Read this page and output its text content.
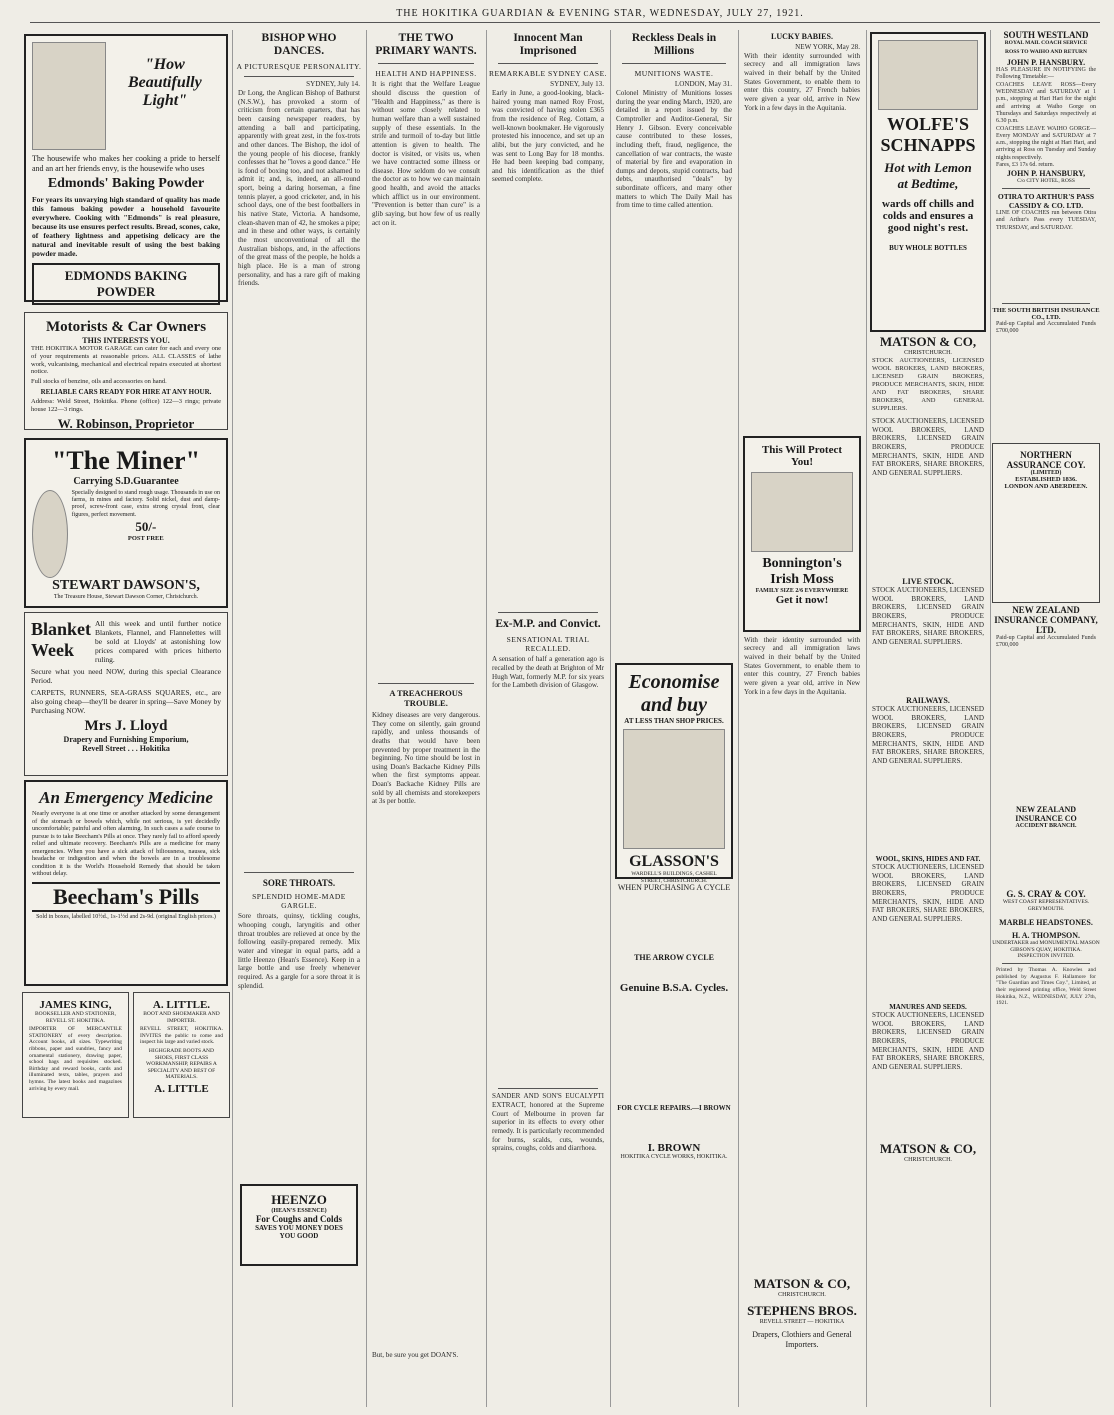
THE HOKITIKA GUARDIAN & EVENING STAR, WEDNESDAY, JULY 27, 1921.
"How Beautifully Light"
The housewife who makes her cooking a pride to herself and an art her friends envy, is the housewife who uses
Edmonds' Baking Powder
For years its unvarying high standard of quality has made this famous baking powder a household favourite everywhere. Cooking with "Edmonds" is real pleasure, because its use ensures perfect results. Bread, scones, cake, of feathery lightness and appetising delicacy are the natural and inevitable result of using the best baking powder made.
EDMONDS BAKING POWDER
Motorists & Car Owners
THIS INTERESTS YOU.
THE HOKITIKA MOTOR GARAGE can cater for each and every one of your requirements at reasonable prices. ALL CLASSES of lathe work, vulcanising, mechanical and electrical repairs executed at shortest notice.
Full stocks of benzine, oils and accessories on hand.
RELIABLE CARS READY FOR HIRE AT ANY HOUR.
Address: Weld Street, Hokitika. Phone (office) 122—3 rings; private house 122—3 rings.
W. Robinson, Proprietor
"The Miner"
Carrying S.D.Guarantee
Specially designed to stand rough usage. Thousands in use on farms, in mines and factory. Solid nickel, dust and damp-proof, screw-front case, extra strong crystal front, clear figures, perfect movement.
50/-
POST FREE
STEWART DAWSON'S,
The Treasure House, Stewart Dawson Corner, Christchurch.
Blanket Week
All this week and until further notice Blankets, Flannel, and Flannelettes will be sold at Lloyds' at astonishing low prices compared with prices hitherto ruling.
Secure what you need NOW, during this special Clearance Period.
CARPETS, RUNNERS, SEA-GRASS SQUARES, etc., are also going cheap—they'll be dearer in spring—Save Money by Purchasing NOW.
Mrs J. Lloyd
Drapery and Furnishing Emporium,
Revell Street . . . Hokitika
An Emergency Medicine
Nearly everyone is at one time or another attacked by some derangement of the stomach or bowels which, while not serious, is yet decidedly uncomfortable; painful and often alarming. In such cases a safe course to pursue is to take Beecham's Pills at once. They rarely fail to afford speedy relief and ultimate recovery. Beecham's Pills are a medicine for many emergencies. When you have a sick attack of biliousness, nausea, sick headache or indigestion and when the bowels are in a troublesome condition it is the World's Household Remedy that should be taken without delay.
Beecham's Pills
Sold in boxes, labelled 10½d., 1s-1½d and 2s-9d. (original English prices.)
JAMES KING,
BOOKSELLER AND STATIONER, REVELL ST. HOKITIKA.
IMPORTER OF MERCANTILE STATIONERY of every description. Account books, all sizes. Typewriting ribbons, paper and sundries, fancy and ornamental stationery, drawing paper, school bags and requisites stocked. Birthday and reward books, cards and illuminated texts, tables, prayers and hymns. The latest books and magazines arriving by every mail.
A. LITTLE.
BOOT AND SHOEMAKER AND IMPORTER.
REVELL STREET, HOKITIKA. INVITES the public to come and inspect his large and varied stock.
HIGHGRADE BOOTS AND SHOES, FIRST CLASS WORKMANSHIP, REPAIRS A SPECIALITY AND BEST OF MATERIALS.
A. LITTLE
BISHOP WHO DANCES.
A PICTURESQUE PERSONALITY.
SYDNEY, July 14.
Dr Long, the Anglican Bishop of Bathurst (N.S.W.), has provoked a storm of criticism from certain quarters, that has been causing newspaper readers, by attending a ball and participating, apparently with great zest, in the fox-trots and other dances. The Bishop, the idol of the young people of his diocese, frankly confesses that he "loves a good dance." He is fond of boxing too, and not ashamed to admit it; and, is, indeed, an all-round sport, being a daring horseman, a fine tennis player, a good cricketer, and, in his school days, one of the best footballers in his native State, Victoria. A handsome, clean-shaven man of 42, he smokes a pipe; and in these and other ways, is certainly the most unconventional of all the Australian bishops, and, in the affections of the great mass of the people, he holds a high place. He is a man of strong personality, and has a rare gift of making friends.
SORE THROATS.
SPLENDID HOME-MADE GARGLE.
Sore throats, quinsy, tickling coughs, whooping cough, laryngitis and other throat troubles are relieved at once by the following easily-prepared remedy. Mix water and vinegar in equal parts, add a little Heenzo (Hean's Essence). Keep in a large bottle and use freely whenever required. As a gargle for a sore throat it is splendid.
HEENZO
(HEAN'S ESSENCE)
For Coughs and Colds
SAVES YOU MONEY DOES YOU GOOD
THE TWO PRIMARY WANTS.
HEALTH AND HAPPINESS.
It is right that the Welfare League should discuss the question of "Health and Happiness," as there is without some closely related to human welfare than a well sustained supply of these essentials. In the strife and turmoil of to-day but little attention is given to health. The doctor is visited, or visits us, when we have contracted some illness or disease. How seldom do we consult the doctor as to how we can maintain good health, and avoid the attacks which afflict us in our environment. "Prevention is better than cure" is a glib saying, but how few of us really act on it.
A TREACHEROUS TROUBLE.
Kidney diseases are very dangerous. They come on silently, gain ground rapidly, and unless thousands of deaths that would have been prevented by proper treatment in the beginning. No time should be lost in using Doan's Backache Kidney Pills when the first symptoms appear. Doan's Backache Kidney Pills are sold by all chemists and storekeepers at 3s per bottle.
But, be sure you get DOAN'S.
Innocent Man Imprisoned
REMARKABLE SYDNEY CASE.
SYDNEY, July 13.
Early in June, a good-looking, black-haired young man named Roy Frost, was convicted of having stolen £365 from the residence of Reg. Cottam, a well-known bookmaker. He vigorously protested his innocence, and set up an alibi, but the jury convicted, and he was sent to Long Bay for 18 months. He had been keeping bad company, and his identification as the thief seemed complete.
Ex-M.P. and Convict.
SENSATIONAL TRIAL RECALLED.
A sensation of half a generation ago is recalled by the death at Brighton of Mr Hugh Watt, formerly M.P. for six years for the Lambeth division of Glasgow.
SANDER AND SON'S EUCALYPTI EXTRACT, honored at the Supreme Court of Melbourne in proven far superior in its effects to every other remedy. It is particularly recommended for burns, scalds, cuts, wounds, sprains, coughs, colds and diarrhoea.
Reckless Deals in Millions
MUNITIONS WASTE.
LONDON, May 31.
Colonel Ministry of Munitions losses during the year ending March, 1920, are detailed in a report issued by the Comptroller and Auditor-General, Sir Henry J. Gibson. Every conceivable cause contributed to these losses, including theft, fraud, negligence, the cancellation of war contracts, the waste of material by fire and evaporation in dumps and depots, stupid contracts, bad debts, unauthorised "deals" by subordinate officers, and many other matters to which The Daily Mail has from time to time called attention.
Economise and buy
AT LESS THAN SHOP PRICES.
GLASSON'S
WARDELL'S BUILDINGS, CASHEL STREET, CHRISTCHURCH.
WHEN PURCHASING A CYCLE
THE ARROW CYCLE
Genuine B.S.A. Cycles.
FOR CYCLE REPAIRS.—I BROWN
I. BROWN
HOKITIKA CYCLE WORKS, HOKITIKA.
LUCKY BABIES.
NEW YORK, May 28.
With their identity surrounded with secrecy and all immigration laws waived in their behalf by the United States Government, to enable them to enter this country, 27 French babies were given a year old, arrive in New York in a few days in the Aquitania.
This Will Protect You!
Bonnington's Irish Moss
FAMILY SIZE 2/6 EVERYWHERE
Get it now!
With their identity surrounded with secrecy and all immigration laws waived in their behalf by the United States Government, to enable them to enter this country, 27 French babies were given a year old, arrive in New York in a few days in the Aquitania.
MATSON & CO,
CHRISTCHURCH.
STEPHENS BROS.
REVELL STREET — HOKITIKA
Drapers, Clothiers and General Importers.
WOLFE'S SCHNAPPS
Hot with Lemon at Bedtime,
wards off chills and colds and ensures a good night's rest.
BUY WHOLE BOTTLES
MATSON & CO,
CHRISTCHURCH.
STOCK AUCTIONEERS, LICENSED WOOL BROKERS, LAND BROKERS, LICENSED GRAIN BROKERS, PRODUCE MERCHANTS, SKIN, HIDE AND FAT BROKERS, SHARE BROKERS, AND GENERAL SUPPLIERS.
STOCK AUCTIONEERS, LICENSED WOOL BROKERS, LAND BROKERS, LICENSED GRAIN BROKERS, PRODUCE MERCHANTS, SKIN, HIDE AND FAT BROKERS, SHARE BROKERS, AND GENERAL SUPPLIERS.
LIVE STOCK.
STOCK AUCTIONEERS, LICENSED WOOL BROKERS, LAND BROKERS, LICENSED GRAIN BROKERS, PRODUCE MERCHANTS, SKIN, HIDE AND FAT BROKERS, SHARE BROKERS, AND GENERAL SUPPLIERS.
RAILWAYS.
STOCK AUCTIONEERS, LICENSED WOOL BROKERS, LAND BROKERS, LICENSED GRAIN BROKERS, PRODUCE MERCHANTS, SKIN, HIDE AND FAT BROKERS, SHARE BROKERS, AND GENERAL SUPPLIERS.
WOOL, SKINS, HIDES AND FAT.
STOCK AUCTIONEERS, LICENSED WOOL BROKERS, LAND BROKERS, LICENSED GRAIN BROKERS, PRODUCE MERCHANTS, SKIN, HIDE AND FAT BROKERS, SHARE BROKERS, AND GENERAL SUPPLIERS.
MANURES AND SEEDS.
STOCK AUCTIONEERS, LICENSED WOOL BROKERS, LAND BROKERS, LICENSED GRAIN BROKERS, PRODUCE MERCHANTS, SKIN, HIDE AND FAT BROKERS, SHARE BROKERS, AND GENERAL SUPPLIERS.
MATSON & CO,
CHRISTCHURCH.
SOUTH WESTLAND
ROYAL MAIL COACH SERVICE
ROSS TO WAIHO AND RETURN
JOHN P. HANSBURY.
HAS PLEASURE IN NOTIFYING the Following Timetable:—
COACHES LEAVE ROSS—Every WEDNESDAY and SATURDAY at 1 p.m., stopping at Hari Hari for the night and arriving at Waiho Gorge on Thursdays and Saturdays respectively at 6.30 p.m.
COACHES LEAVE WAIHO GORGE—Every MONDAY and SATURDAY at 7 a.m., stopping the night at Hari Hari, and arriving at Ross on Tuesday and Sunday nights respectively.
Fares, £3 17s 6d. return.
JOHN P. HANSBURY,
C/o CITY HOTEL, ROSS
OTIRA TO ARTHUR'S PASS CASSIDY & CO. LTD.
LINE OF COACHES run between Otira and Arthur's Pass every TUESDAY, THURSDAY, and SATURDAY.
THE SOUTH BRITISH INSURANCE CO., LTD.
Paid-up Capital and Accumulated Funds £700,000
NORTHERN ASSURANCE COY.
(LIMITED)
ESTABLISHED 1836.
LONDON AND ABERDEEN.
NEW ZEALAND INSURANCE COMPANY, LTD.
Paid-up Capital and Accumulated Funds £700,000
NEW ZEALAND INSURANCE CO
ACCIDENT BRANCH.
G. S. CRAY & COY.
WEST COAST REPRESENTATIVES. GREYMOUTH.
MARBLE HEADSTONES.
H. A. THOMPSON.
UNDERTAKER and MONUMENTAL MASON
GIBSON'S QUAY, HOKITIKA.
INSPECTION INVITED.
Printed by Thomas A. Knowles and published by Augustus F. Hallamore for "The Guardian and Times Coy.", Limited, at their registered printing office, Weld Street Hokitika, N.Z., WEDNESDAY, JULY 27th, 1921.
